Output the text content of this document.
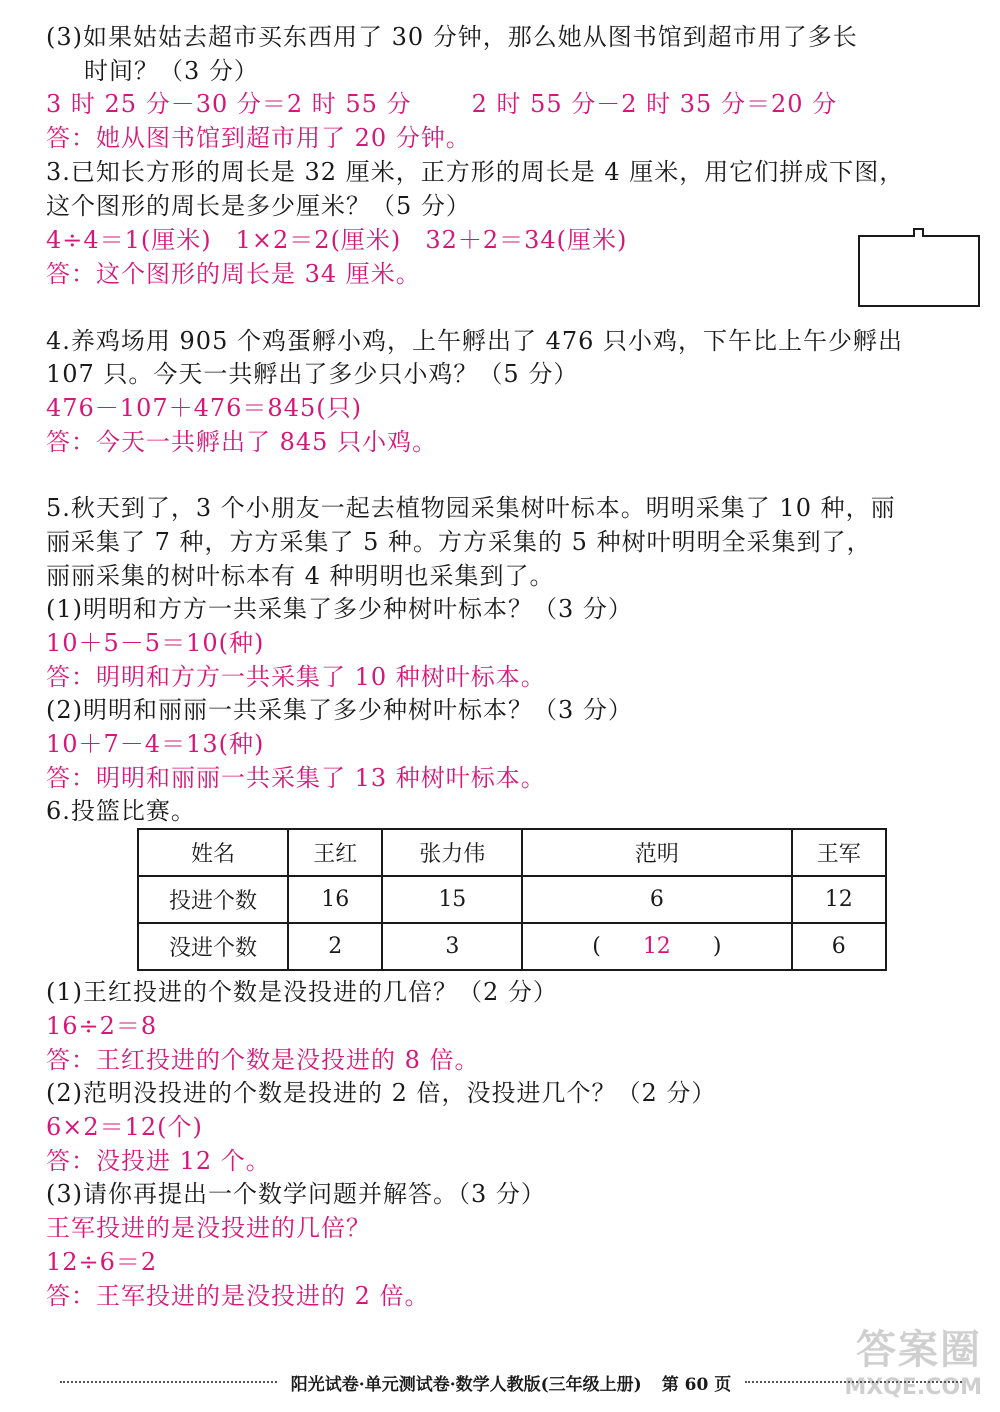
(3)如果姑姑去超市买东西用了 30 分钟，那么她从图书馆到超市用了多长
时间？（3 分）
3 时 25 分－30 分＝2 时 55 分	2 时 55 分－2 时 35 分＝20 分
答：她从图书馆到超市用了 20 分钟。
3.已知长方形的周长是 32 厘米，正方形的周长是 4 厘米，用它们拼成下图，
这个图形的周长是多少厘米？（5 分）
4÷4＝1(厘米) 1×2＝2(厘米) 32＋2＝34(厘米)
答：这个图形的周长是 34 厘米。
4.养鸡场用 905 个鸡蛋孵小鸡，上午孵出了 476 只小鸡，下午比上午少孵出
107 只。今天一共孵出了多少只小鸡？（5 分）
476－107＋476＝845(只)
答：今天一共孵出了 845 只小鸡。
5.秋天到了，3 个小朋友一起去植物园采集树叶标本。明明采集了 10 种，丽
丽采集了 7 种，方方采集了 5 种。方方采集的 5 种树叶明明全采集到了，
丽丽采集的树叶标本有 4 种明明也采集到了。
(1)明明和方方一共采集了多少种树叶标本？（3 分）
10＋5－5＝10(种)
答：明明和方方一共采集了 10 种树叶标本。
(2)明明和丽丽一共采集了多少种树叶标本？（3 分）
10＋7－4＝13(种)
答：明明和丽丽一共采集了 13 种树叶标本。
6.投篮比赛。
姓名	王红	张力伟	范明	王军
投进个数	16	15	6	12
没进个数	2	3	( 12 )	6
(1)王红投进的个数是没投进的几倍？（2 分）
16÷2＝8
答：王红投进的个数是没投进的 8 倍。
(2)范明没投进的个数是投进的 2 倍，没投进几个？（2 分）
6×2＝12(个)
答：没投进 12 个。
(3)请你再提出一个数学问题并解答。（3 分）
王军投进的是没投进的几倍？
12÷6＝2
答：王军投进的是没投进的 2 倍。
答案圈
MXQE.COM
阳光试卷·单元测试卷·数学人教版(三年级上册) 第 60 页
